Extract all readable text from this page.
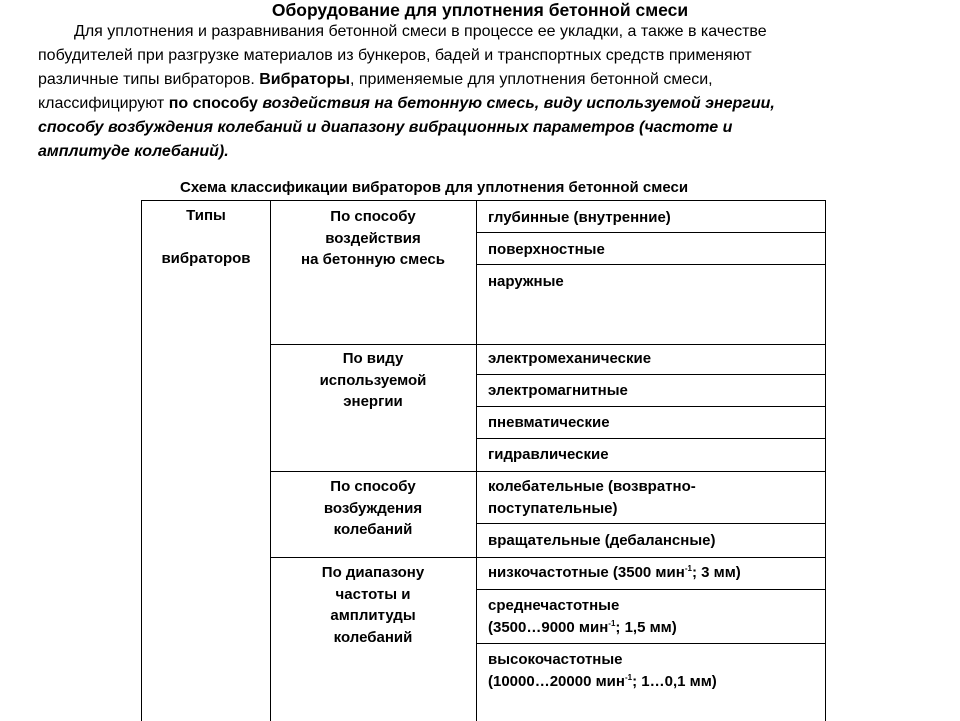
Оборудование для уплотнения бетонной смеси
Для уплотнения и разравнивания бетонной смеси в процессе ее укладки, а также в качестве
побудителей при разгрузке материалов из бункеров, бадей и транспортных средств применяют
различные типы вибраторов. Вибраторы, применяемые для уплотнения бетонной смеси,
классифицируют по способу воздействия на бетонную смесь, виду используемой энергии,
способу возбуждения колебаний и диапазону вибрационных параметров (частоте и
амплитуде колебаний).
Схема классификации вибраторов для уплотнения бетонной смеси
Типы
вибраторов
По способу
воздействия
на бетонную смесь
глубинные (внутренние)
поверхностные
наружные
По виду
используемой
энергии
электромеханические
электромагнитные
пневматические
гидравлические
По способу
возбуждения
колебаний
колебательные (возвратно-
поступательные)
вращательные (дебалансные)
По диапазону
частоты и
амплитуды
колебаний
низкочастотные (3500 мин$^{-1}$; 3 мм)
среднечастотные
(3500…9000 мин$^{-1}$; 1,5 мм)
высокочастотные
(10000…20000 мин$^{-1}$; 1…0,1 мм)
